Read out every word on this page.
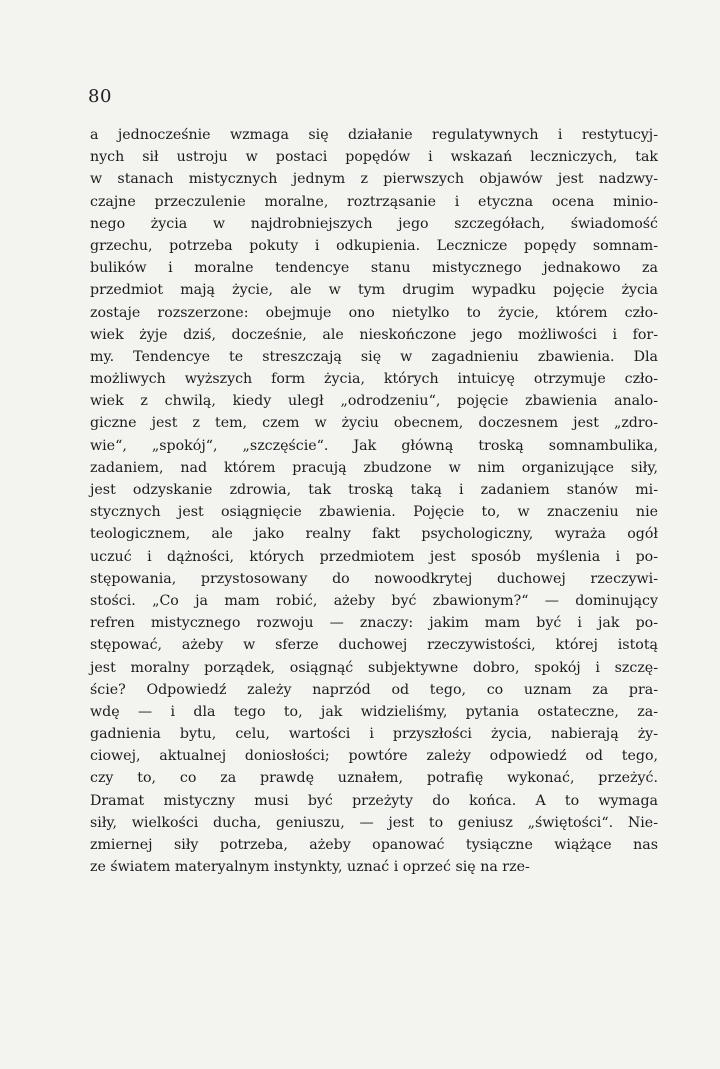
80
a jednocześnie wzmaga się działanie regulatywnych i restytucyj-
nych sił ustroju w postaci popędów i wskazań leczniczych, tak
w stanach mistycznych jednym z pierwszych objawów jest nadzwy-
czajne przeczulenie moralne, roztrząsanie i etyczna ocena minio-
nego życia w najdrobniejszych jego szczegółach, świadomość
grzechu, potrzeba pokuty i odkupienia. Lecznicze popędy somnam-
bulików i moralne tendencye stanu mistycznego jednakowo za
przedmiot mają życie, ale w tym drugim wypadku pojęcie życia
zostaje rozszerzone: obejmuje ono nietylko to życie, którem czło-
wiek żyje dziś, docześnie, ale nieskończone jego możliwości i for-
my. Tendencye te streszczają się w zagadnieniu zbawienia. Dla
możliwych wyższych form życia, których intuicyę otrzymuje czło-
wiek z chwilą, kiedy uległ „odrodzeniu“, pojęcie zbawienia analo-
giczne jest z tem, czem w życiu obecnem, doczesnem jest „zdro-
wie“, „spokój“, „szczęście“. Jak główną troską somnambulika,
zadaniem, nad którem pracują zbudzone w nim organizujące siły,
jest odzyskanie zdrowia, tak troską taką i zadaniem stanów mi-
stycznych jest osiągnięcie zbawienia. Pojęcie to, w znaczeniu nie
teologicznem, ale jako realny fakt psychologiczny, wyraża ogół
uczuć i dążności, których przedmiotem jest sposób myślenia i po-
stępowania, przystosowany do nowoodkrytej duchowej rzeczywi-
stości. „Co ja mam robić, ażeby być zbawionym?“ — dominujący
refren mistycznego rozwoju — znaczy: jakim mam być i jak po-
stępować, ażeby w sferze duchowej rzeczywistości, której istotą
jest moralny porządek, osiągnąć subjektywne dobro, spokój i szczę-
ście? Odpowiedź zależy naprzód od tego, co uznam za pra-
wdę — i dla tego to, jak widzieliśmy, pytania ostateczne, za-
gadnienia bytu, celu, wartości i przyszłości życia, nabierają ży-
ciowej, aktualnej doniosłości; powtóre zależy odpowiedź od tego,
czy to, co za prawdę uznałem, potrafię wykonać, przeżyć.
Dramat mistyczny musi być przeżyty do końca. A to wymaga
siły, wielkości ducha, geniuszu, — jest to geniusz „świętości“. Nie-
zmiernej siły potrzeba, ażeby opanować tysiączne wiążące nas
ze światem materyalnym instynkty, uznać i oprzeć się na rze-
